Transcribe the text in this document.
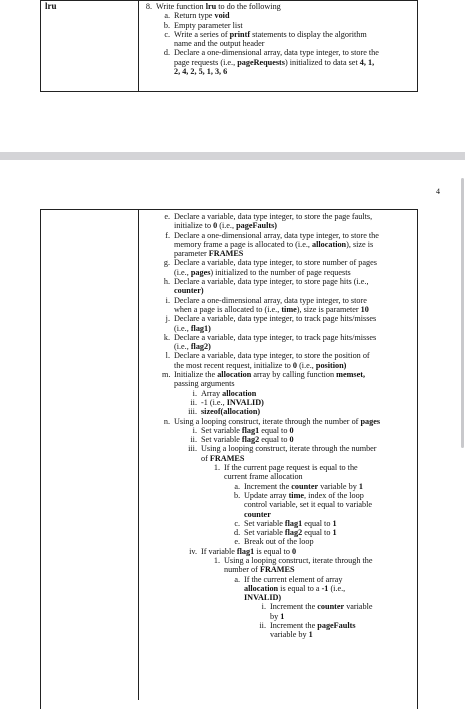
lru	8. Write function lru to do the following
a. Return type void
b. Empty parameter list
c. Write a series of printf statements to display the algorithm
name and the output header
d. Declare a one-dimensional array, data type integer, to store the
page requests (i.e., pageRequests) initialized to data set 4, 1,
2, 4, 2, 5, 1, 3, 6
4
e. Declare a variable, data type integer, to store the page faults,
initialize to 0 (i.e., pageFaults)
f. Declare a one-dimensional array, data type integer, to store the
memory frame a page is allocated to (i.e., allocation), size is
parameter FRAMES
g. Declare a variable, data type integer, to store number of pages
(i.e., pages) initialized to the number of page requests
h. Declare a variable, data type integer, to store page hits (i.e.,
counter)
i. Declare a one-dimensional array, data type integer, to store
when a page is allocated to (i.e., time), size is parameter 10
j. Declare a variable, data type integer, to track page hits/misses
(i.e., flag1)
k. Declare a variable, data type integer, to track page hits/misses
(i.e., flag2)
l. Declare a variable, data type integer, to store the position of
the most recent request, initialize to 0 (i.e., position)
m. Initialize the allocation array by calling function memset,
passing arguments
i. Array allocation
ii. -1 (i.e., INVALID)
iii. sizeof(allocation)
n. Using a looping construct, iterate through the number of pages
i. Set variable flag1 equal to 0
ii. Set variable flag2 equal to 0
iii. Using a looping construct, iterate through the number
of FRAMES
1. If the current page request is equal to the
current frame allocation
a. Increment the counter variable by 1
b. Update array time, index of the loop
control variable, set it equal to variable
counter
c. Set variable flag1 equal to 1
d. Set variable flag2 equal to 1
e. Break out of the loop
iv. If variable flag1 is equal to 0
1. Using a looping construct, iterate through the
number of FRAMES
a. If the current element of array
allocation is equal to a -1 (i.e.,
INVALID)
i. Increment the counter variable
by 1
ii. Increment the pageFaults
variable by 1
